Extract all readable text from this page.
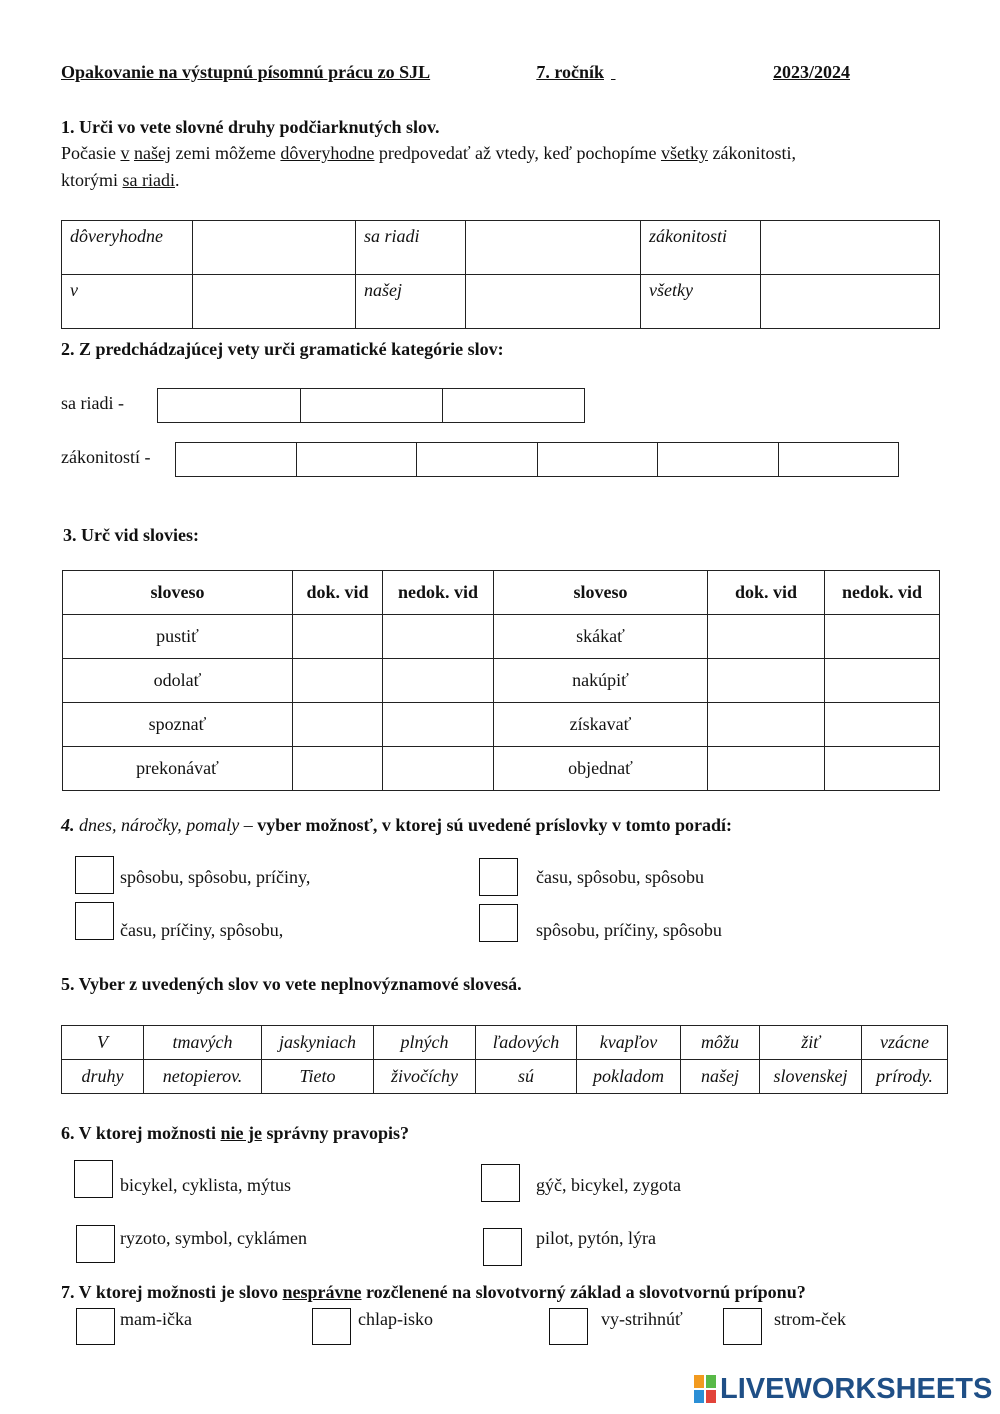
Opakovanie na výstupnú písomnú prácu zo SJL	7. ročník
	2023/2024
1. Urči vo vete slovné druhy podčiarknutých slov.
Počasie v našej zemi môžeme dôveryhodne predpovedať až vtedy, keď pochopíme všetky zákonitosti,
ktorými sa riadi.
dôveryhodne		sa riadi		zákonitosti	
v		našej		všetky	
2. Z predchádzajúcej vety urči gramatické kategórie slov:
sa riadi -
zákonitostí -
3. Urč vid slovies:
sloveso	dok. vid	nedok. vid	sloveso	dok. vid	nedok. vid
pustiť			skákať		
odolať			nakúpiť		
spoznať			získavať		
prekonávať			objednať		
4. dnes, náročky, pomaly – vyber možnosť, v ktorej sú uvedené príslovky v tomto poradí:
spôsobu, spôsobu, príčiny,	času, spôsobu, spôsobu
času, príčiny, spôsobu,	spôsobu, príčiny, spôsobu
5. Vyber z uvedených slov vo vete neplnovýznamové slovesá.
V	tmavých	jaskyniach	plných	ľadových	kvapľov	môžu	žiť	vzácne
druhy	netopierov.	Tieto	živočíchy	sú	pokladom	našej	slovenskej	prírody.
6. V ktorej možnosti nie je správny pravopis?
bicykel, cyklista, mýtus	gýč, bicykel, zygota
ryzoto, symbol, cyklámen	pilot, pytón, lýra
7. V ktorej možnosti je slovo nesprávne rozčlenené na slovotvorný základ a slovotvornú príponu?
mam-ička	chlap-isko	vy-strihnúť	strom-ček
LIVEWORKSHEETS
